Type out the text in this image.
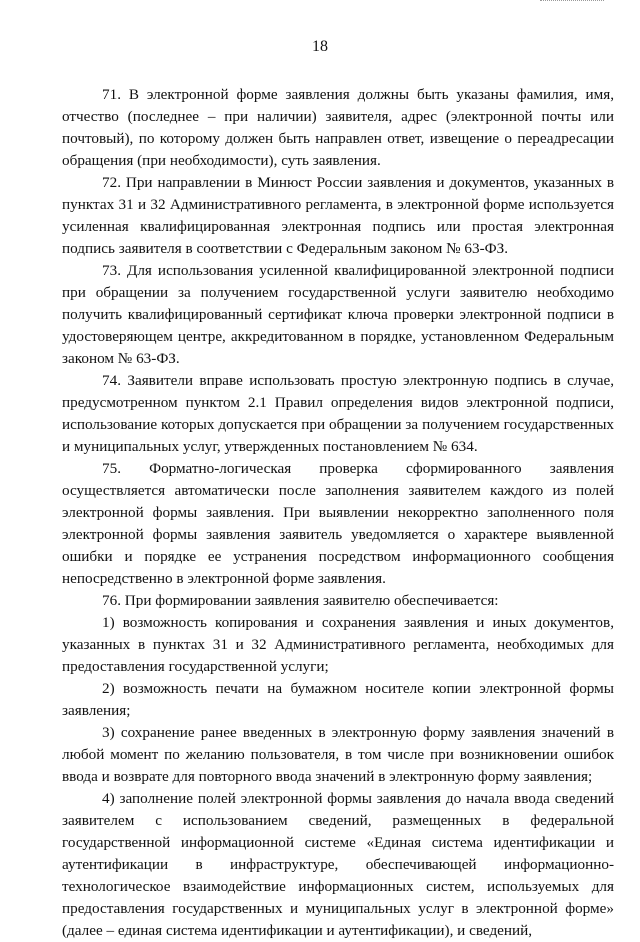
18

71. В электронной форме заявления должны быть указаны фамилия, имя, отчество (последнее – при наличии) заявителя, адрес (электронной почты или почтовый), по которому должен быть направлен ответ, извещение о переадресации обращения (при необходимости), суть заявления.

72. При направлении в Минюст России заявления и документов, указанных в пунктах 31 и 32 Административного регламента, в электронной форме используется усиленная квалифицированная электронная подпись или простая электронная подпись заявителя в соответствии с Федеральным законом № 63-ФЗ.

73. Для использования усиленной квалифицированной электронной подписи при обращении за получением государственной услуги заявителю необходимо получить квалифицированный сертификат ключа проверки электронной подписи в удостоверяющем центре, аккредитованном в порядке, установленном Федеральным законом № 63-ФЗ.

74. Заявители вправе использовать простую электронную подпись в случае, предусмотренном пунктом 2.1 Правил определения видов электронной подписи, использование которых допускается при обращении за получением государственных и муниципальных услуг, утвержденных постановлением № 634.

75. Форматно-логическая проверка сформированного заявления осуществляется автоматически после заполнения заявителем каждого из полей электронной формы заявления. При выявлении некорректно заполненного поля электронной формы заявления заявитель уведомляется о характере выявленной ошибки и порядке ее устранения посредством информационного сообщения непосредственно в электронной форме заявления.

76. При формировании заявления заявителю обеспечивается:

1) возможность копирования и сохранения заявления и иных документов, указанных в пунктах 31 и 32 Административного регламента, необходимых для предоставления государственной услуги;

2) возможность печати на бумажном носителе копии электронной формы заявления;

3) сохранение ранее введенных в электронную форму заявления значений в любой момент по желанию пользователя, в том числе при возникновении ошибок ввода и возврате для повторного ввода значений в электронную форму заявления;

4) заполнение полей электронной формы заявления до начала ввода сведений заявителем с использованием сведений, размещенных в федеральной государственной информационной системе «Единая система идентификации и аутентификации в инфраструктуре, обеспечивающей информационно-технологическое взаимодействие информационных систем, используемых для предоставления государственных и муниципальных услуг в электронной форме» (далее – единая система идентификации и аутентификации), и сведений,
